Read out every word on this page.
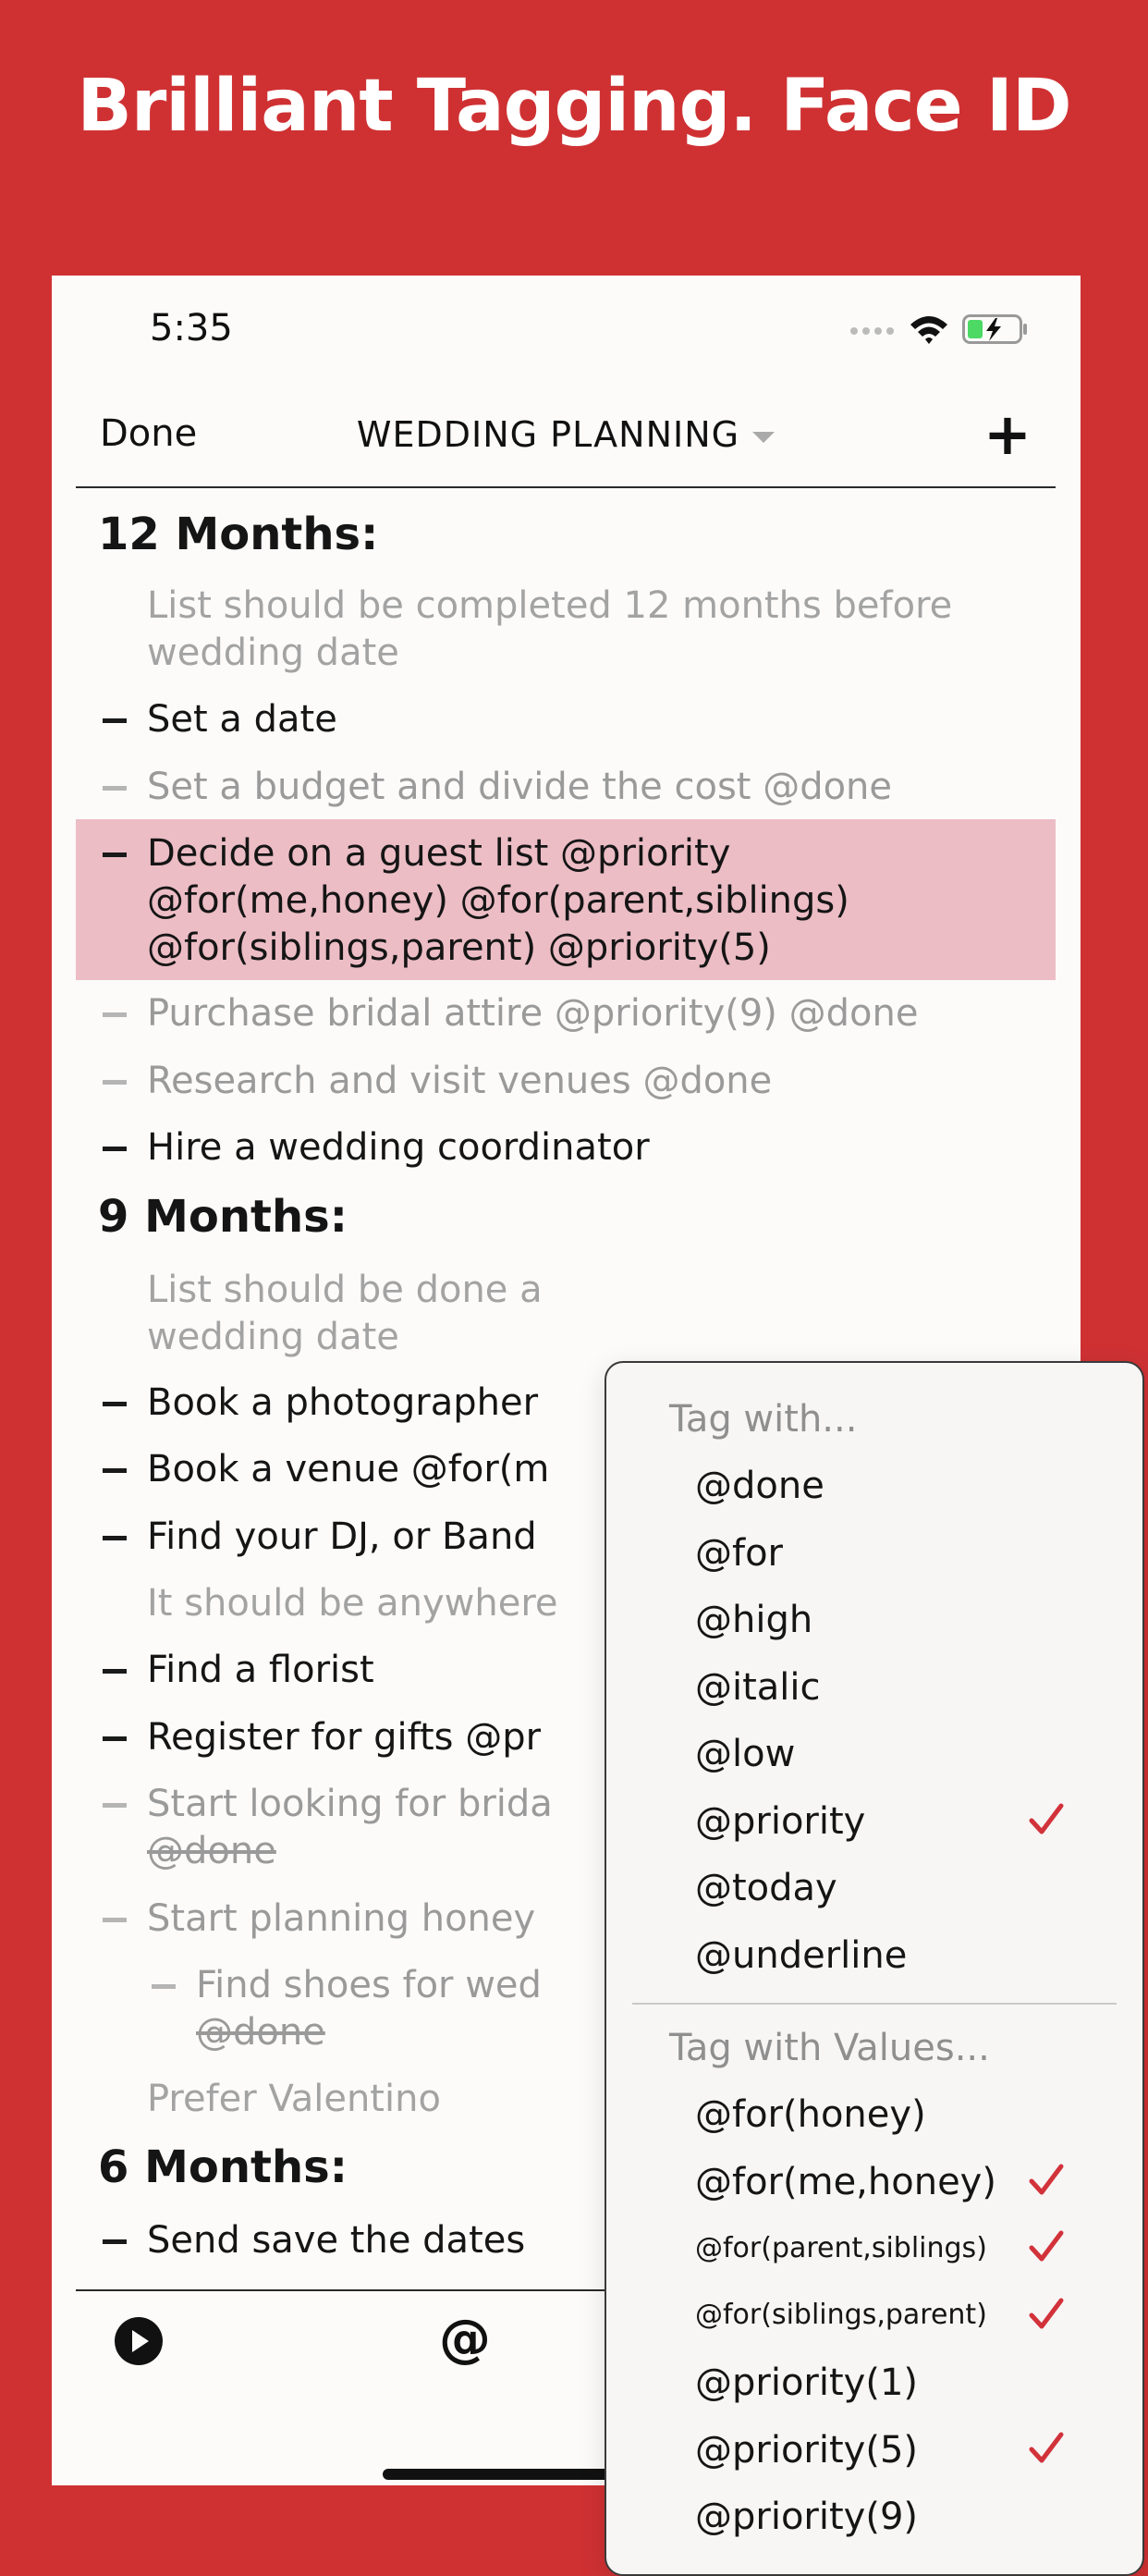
Brilliant Tagging. Face ID
5:35
Done	WEDDING PLANNING	+
12 Months:
List should be completed 12 months before
wedding date
Set a date
Set a budget and divide the cost @done
Decide on a guest list @priority
@for(me,honey) @for(parent,siblings)
@for(siblings,parent) @priority(5)
Purchase bridal attire @priority(9) @done
Research and visit venues @done
Hire a wedding coordinator
9 Months:
List should be done a
wedding date
Book a photographer
Book a venue @for(m
Find your DJ, or Band
It should be anywhere
Find a florist
Register for gifts @pr
Start looking for brida
@done
Start planning honey
Find shoes for wed
@done
Prefer Valentino
6 Months:
Send save the dates
@
Tag with...
@done
@for
@high
@italic
@low
@priority
@today
@underline
Tag with Values...
@for(honey)
@for(me,honey)
@for(parent,siblings)
@for(siblings,parent)
@priority(1)
@priority(5)
@priority(9)
